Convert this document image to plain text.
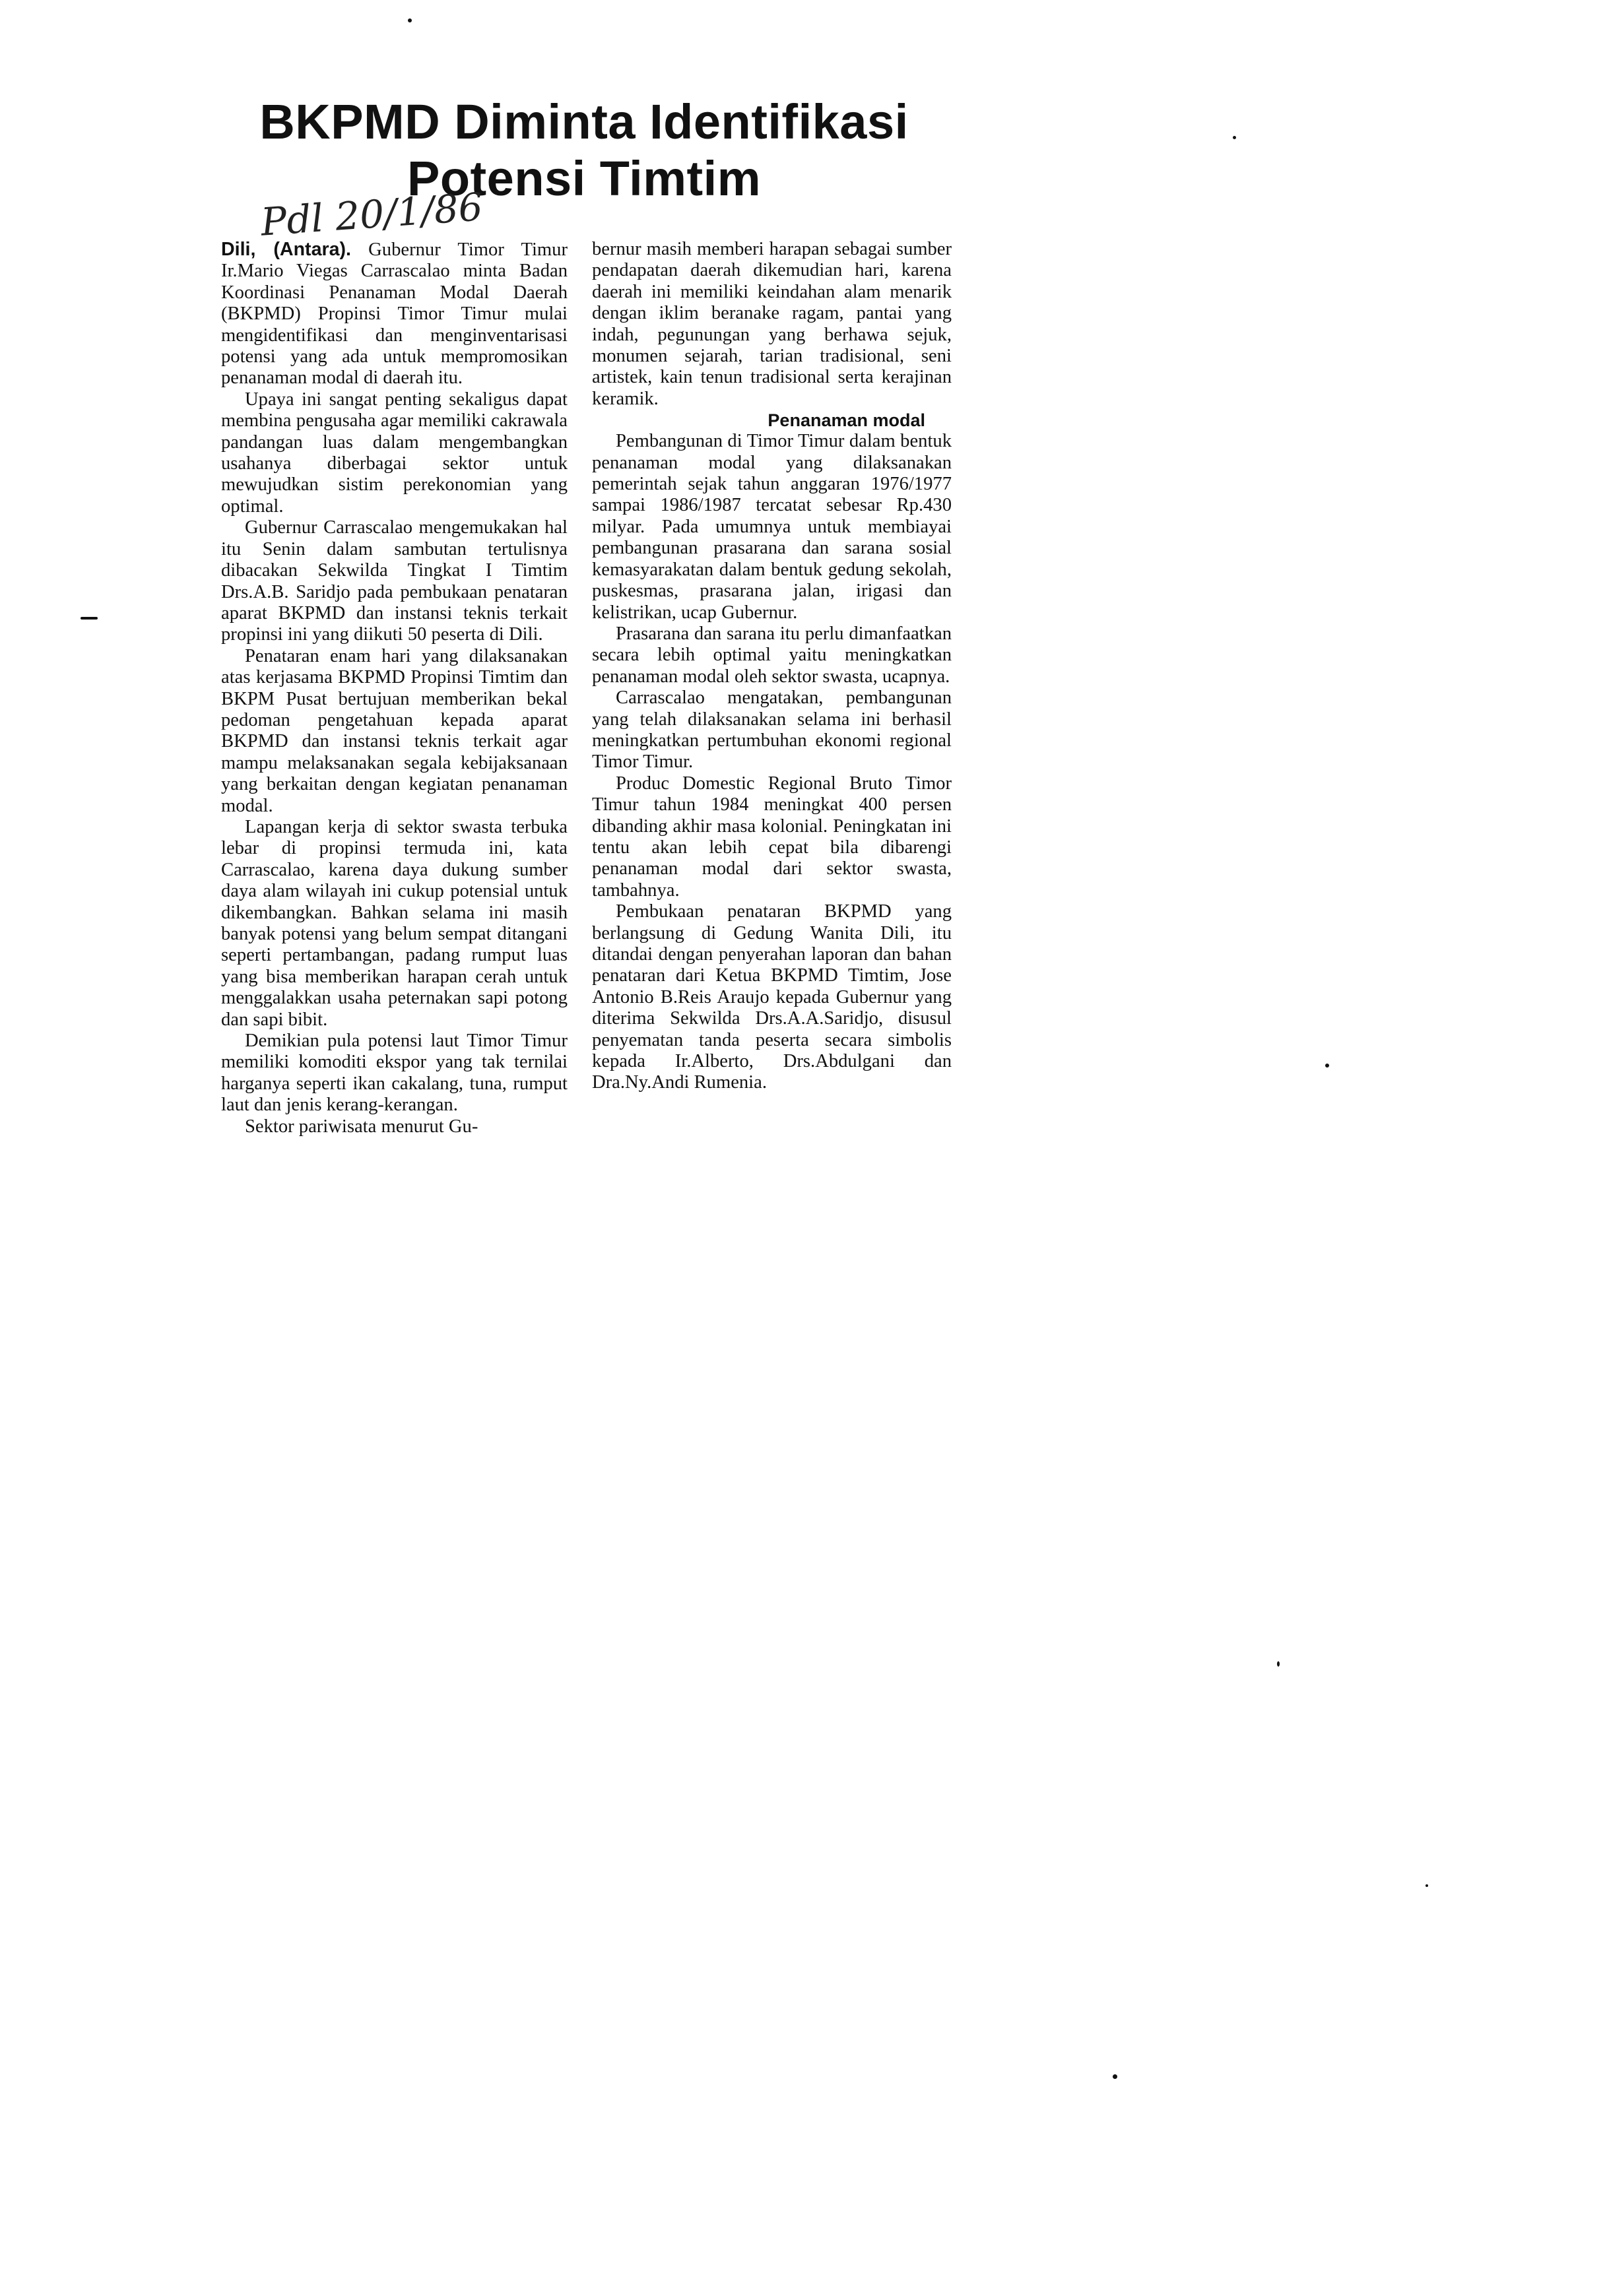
BKPMD Diminta Identifikasi
Potensi Timtim
Pdl 20/1/86

Dili, (Antara). Gubernur Timor Timur Ir.Mario Viegas Carrascalao minta Badan Koordinasi Penanaman Modal Daerah (BKPMD) Propinsi Timor Timur mulai mengidentifikasi dan menginventarisasi potensi yang ada untuk mempromosikan penanaman modal di daerah itu.

Upaya ini sangat penting sekaligus dapat membina pengusaha agar memiliki cakrawala pandangan luas dalam mengembangkan usahanya diberbagai sektor untuk mewujudkan sistim perekonomian yang optimal.

Gubernur Carrascalao mengemukakan hal itu Senin dalam sambutan tertulisnya dibacakan Sekwilda Tingkat I Timtim Drs.A.B. Saridjo pada pembukaan penataran aparat BKPMD dan instansi teknis terkait propinsi ini yang diikuti 50 peserta di Dili.

Penataran enam hari yang dilaksanakan atas kerjasama BKPMD Propinsi Timtim dan BKPM Pusat bertujuan memberikan bekal pedoman pengetahuan kepada aparat BKPMD dan instansi teknis terkait agar mampu melaksanakan segala kebijaksanaan yang berkaitan dengan kegiatan penanaman modal.

Lapangan kerja di sektor swasta terbuka lebar di propinsi termuda ini, kata Carrascalao, karena daya dukung sumber daya alam wilayah ini cukup potensial untuk dikembangkan. Bahkan selama ini masih banyak potensi yang belum sempat ditangani seperti pertambangan, padang rumput luas yang bisa memberikan harapan cerah untuk menggalakkan usaha peternakan sapi potong dan sapi bibit.

Demikian pula potensi laut Timor Timur memiliki komoditi ekspor yang tak ternilai harganya seperti ikan cakalang, tuna, rumput laut dan jenis kerang-kerangan.

Sektor pariwisata menurut Gu-

bernur masih memberi harapan sebagai sumber pendapatan daerah dikemudian hari, karena daerah ini memiliki keindahan alam menarik dengan iklim beranake ragam, pantai yang indah, pegunungan yang berhawa sejuk, monumen sejarah, tarian tradisional, seni artistek, kain tenun tradisional serta kerajinan keramik.

Penanaman modal

Pembangunan di Timor Timur dalam bentuk penanaman modal yang dilaksanakan pemerintah sejak tahun anggaran 1976/1977 sampai 1986/1987 tercatat sebesar Rp.430 milyar. Pada umumnya untuk membiayai pembangunan prasarana dan sarana sosial kemasyarakatan dalam bentuk gedung sekolah, puskesmas, prasarana jalan, irigasi dan kelistrikan, ucap Gubernur.

Prasarana dan sarana itu perlu dimanfaatkan secara lebih optimal yaitu meningkatkan penanaman modal oleh sektor swasta, ucapnya.

Carrascalao mengatakan, pembangunan yang telah dilaksanakan selama ini berhasil meningkatkan pertumbuhan ekonomi regional Timor Timur.

Produc Domestic Regional Bruto Timor Timur tahun 1984 meningkat 400 persen dibanding akhir masa kolonial. Peningkatan ini tentu akan lebih cepat bila dibarengi penanaman modal dari sektor swasta, tambahnya.

Pembukaan penataran BKPMD yang berlangsung di Gedung Wanita Dili, itu ditandai dengan penyerahan laporan dan bahan penataran dari Ketua BKPMD Timtim, Jose Antonio B.Reis Araujo kepada Gubernur yang diterima Sekwilda Drs.A.A.Saridjo, disusul penyematan tanda peserta secara simbolis kepada Ir.Alberto, Drs.Abdulgani dan Dra.Ny.Andi Rumenia.
